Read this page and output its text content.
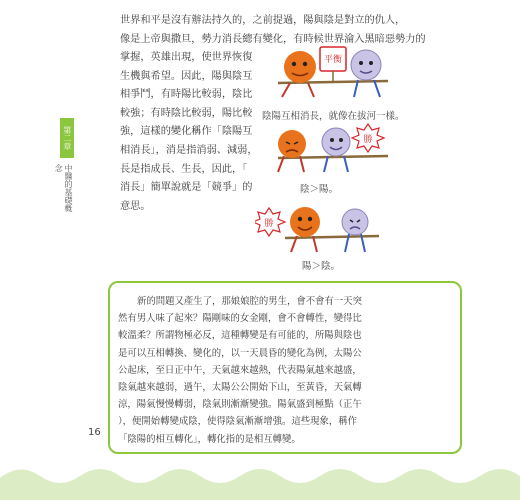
世界和平是沒有辦法持久的，之前提過，陽與陰是對立的仇人，
像是上帝與撒旦，勢力消長總有變化，有時候世界淪入黑暗惡勢力的
掌握，英雄出現，使世界恢復
生機與希望。因此，陽與陰互
相爭鬥，有時陽比較弱，陰比
較強；有時陰比較弱，陽比較
強，這樣的變化稱作「陰陽互
相消長」，消是指消弱、減弱，
長是指成長、生長，因此，「
消長」簡單說就是「競爭」的
意思。
第二章
中醫的基礎概念
平衡
陰陽互相消長，就像在拔河一樣。
勝
陰＞陽。
勝
陽＞陰。
新的問題又產生了，那娘娘腔的男生，會不會有一天突
然有男人味了起來？陽剛味的女金剛，會不會轉性，變得比
較溫柔？所謂物極必反，這種轉變是有可能的，所陽與陰也
是可以互相轉換、變化的，以一天晨昏的變化為例，太陽公
公起床，至日正中午，天氣越來越熱，代表陽氣越來越盛，
陰氣越來越弱，過午，太陽公公開始下山，至黃昏，天氣轉
涼，陽氣慢慢轉弱，陰氣則漸漸變強。陽氣盛到極點（正午
），便開始轉變成陰，使得陰氣漸漸增強。這些現象，稱作
「陰陽的相互轉化」，轉化指的是相互轉變。
16
